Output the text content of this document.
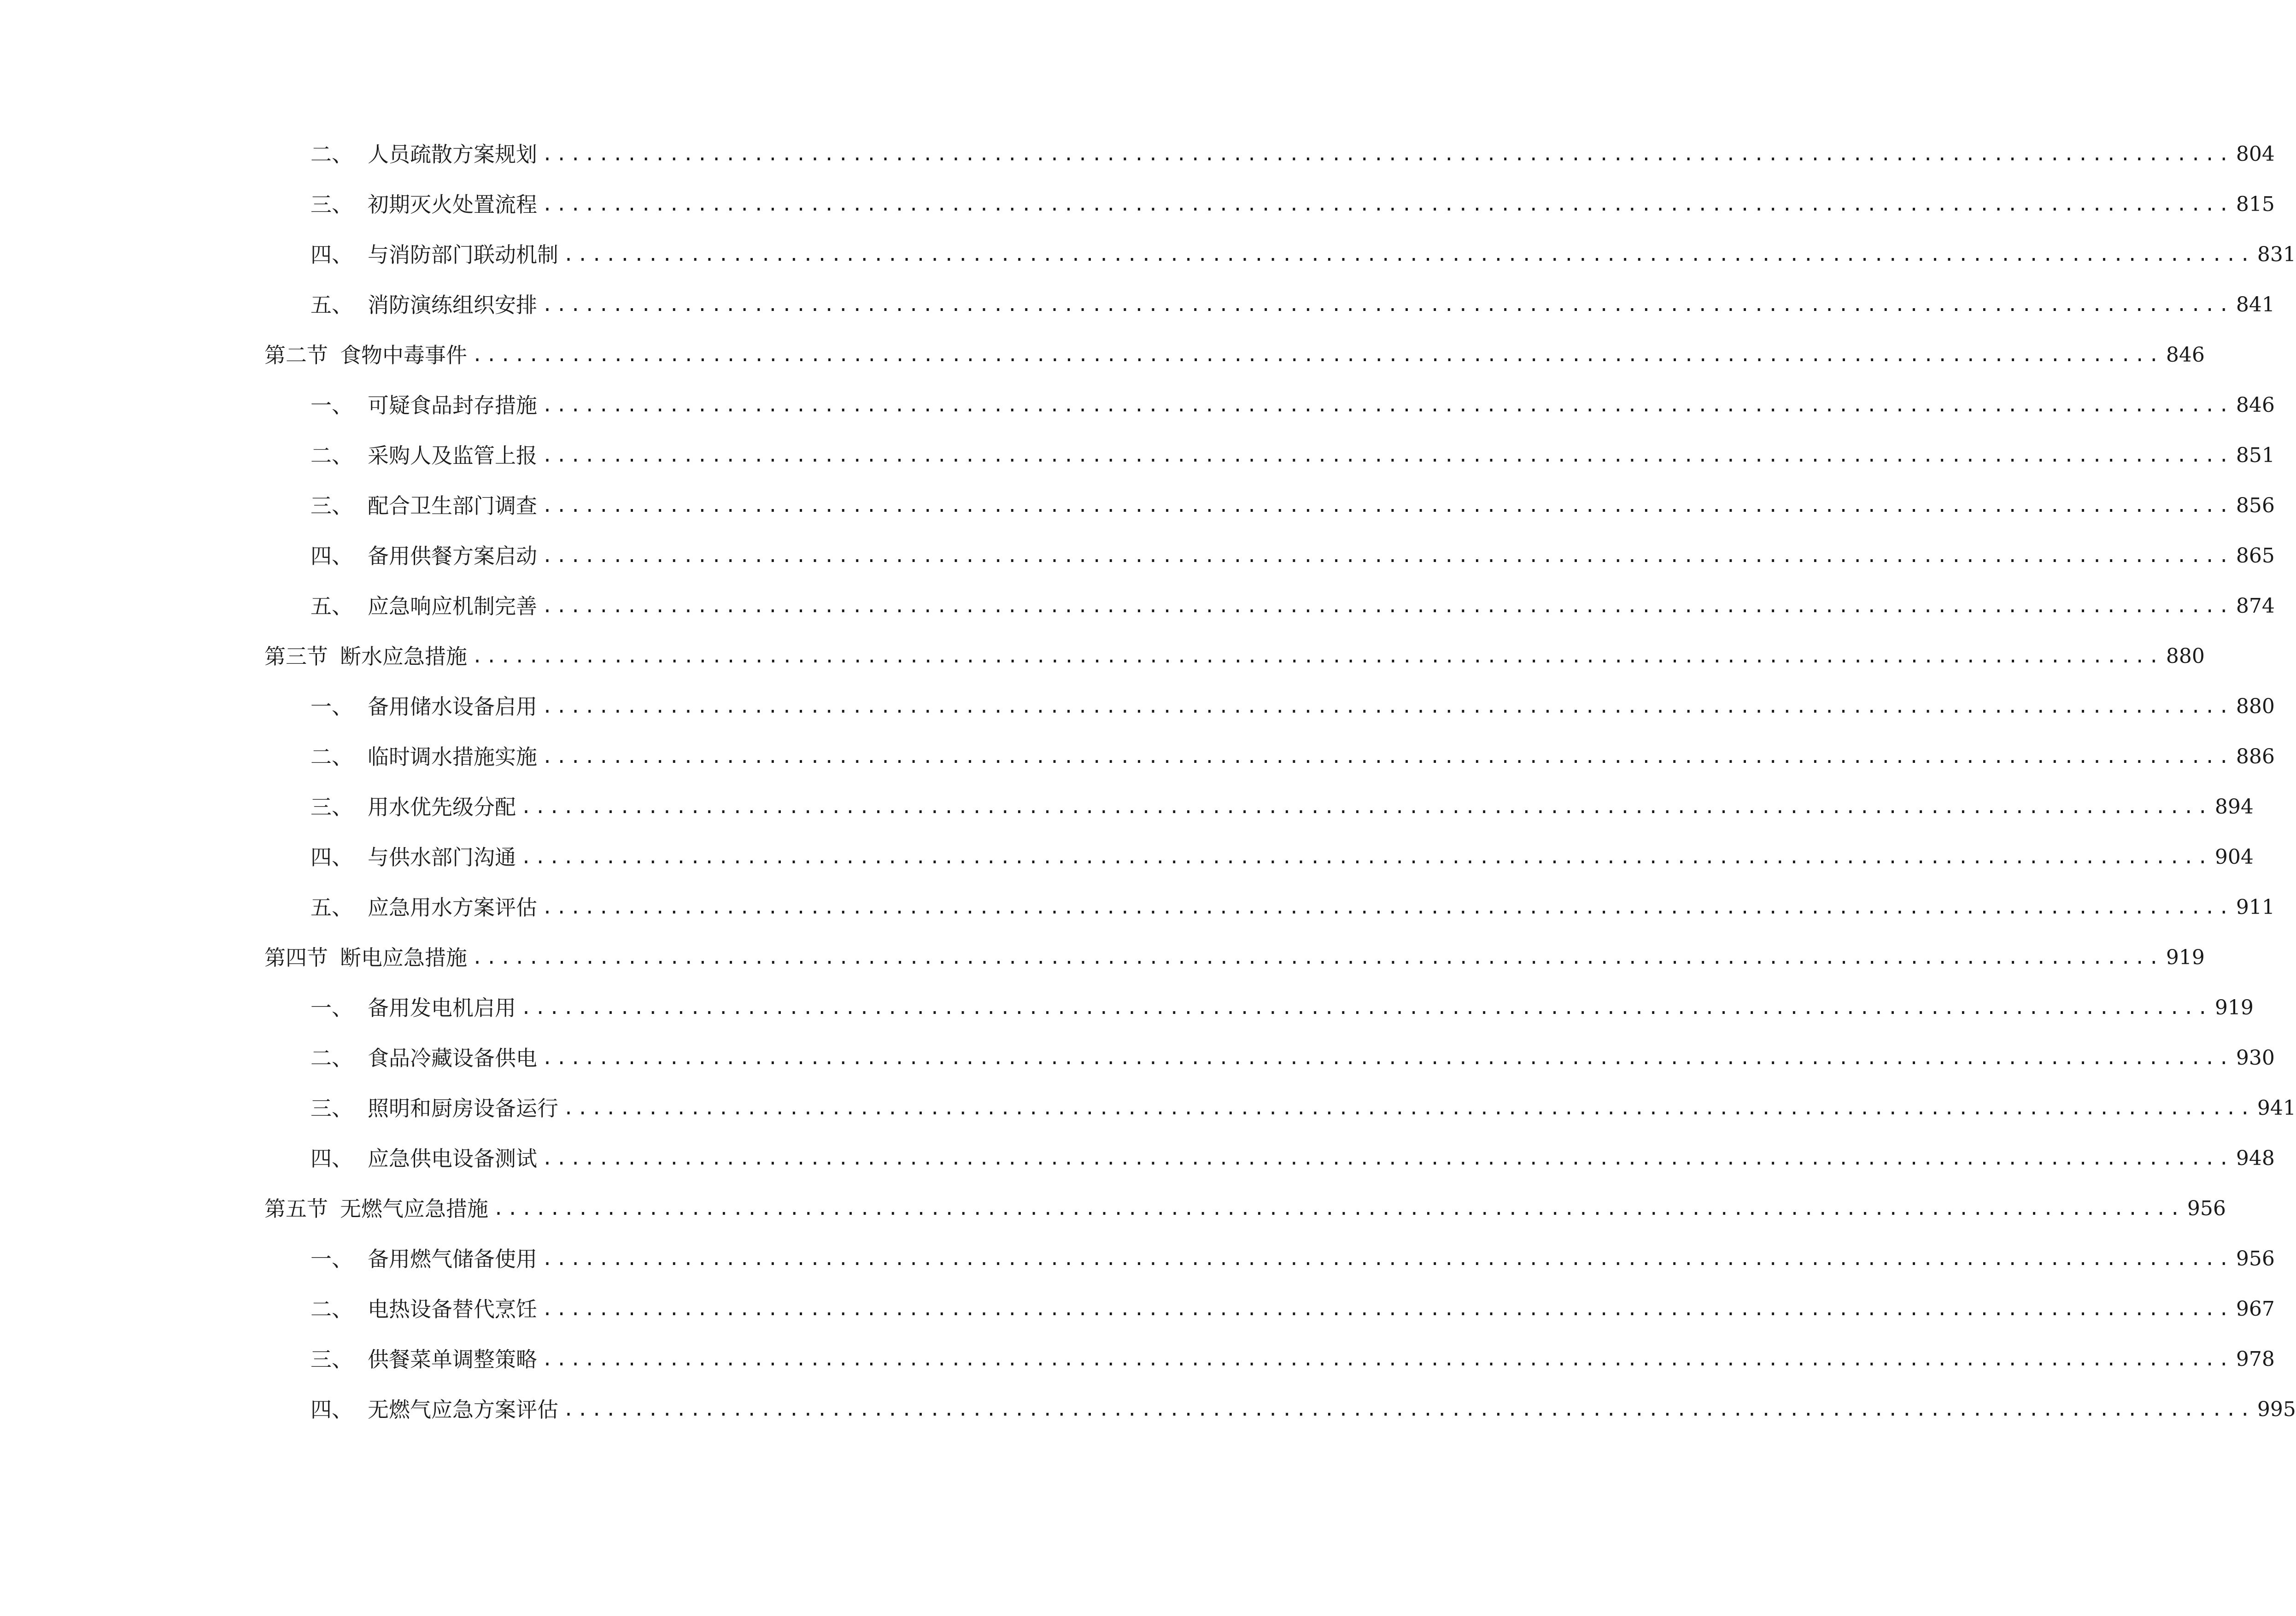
二、 人员疏散方案规划 ........................................................................................................................ 804
三、 初期灭火处置流程 ........................................................................................................................ 815
四、 与消防部门联动机制 ........................................................................................................................ 831
五、 消防演练组织安排 ........................................................................................................................ 841
第二节 食物中毒事件 ........................................................................................................................ 846
一、 可疑食品封存措施 ........................................................................................................................ 846
二、 采购人及监管上报 ........................................................................................................................ 851
三、 配合卫生部门调查 ........................................................................................................................ 856
四、 备用供餐方案启动 ........................................................................................................................ 865
五、 应急响应机制完善 ........................................................................................................................ 874
第三节 断水应急措施 ........................................................................................................................ 880
一、 备用储水设备启用 ........................................................................................................................ 880
二、 临时调水措施实施 ........................................................................................................................ 886
三、 用水优先级分配 ........................................................................................................................ 894
四、 与供水部门沟通 ........................................................................................................................ 904
五、 应急用水方案评估 ........................................................................................................................ 911
第四节 断电应急措施 ........................................................................................................................ 919
一、 备用发电机启用 ........................................................................................................................ 919
二、 食品冷藏设备供电 ........................................................................................................................ 930
三、 照明和厨房设备运行 ........................................................................................................................ 941
四、 应急供电设备测试 ........................................................................................................................ 948
第五节 无燃气应急措施 ........................................................................................................................ 956
一、 备用燃气储备使用 ........................................................................................................................ 956
二、 电热设备替代烹饪 ........................................................................................................................ 967
三、 供餐菜单调整策略 ........................................................................................................................ 978
四、 无燃气应急方案评估 ........................................................................................................................ 995
